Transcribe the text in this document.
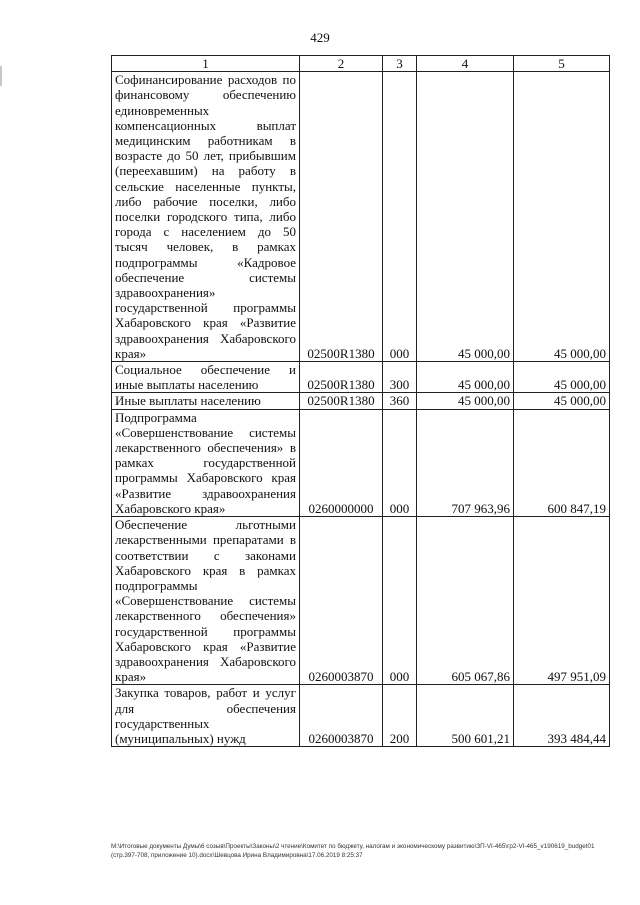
429
1	2	3	4	5
Софинансирование расходов по финансовому обеспечению единовременных компенсационных выплат медицинским работникам в возрасте до 50 лет, прибывшим (переехавшим) на работу в сельские населенные пункты, либо рабочие поселки, либо поселки городского типа, либо города с населением до 50 тысяч человек, в рамках подпрограммы «Кадровое обеспечение системы здравоохранения» государственной программы Хабаровского края «Развитие здравоохранения Хабаровского края»	02500R1380	000	45 000,00	45 000,00
Социальное обеспечение и иные выплаты населению	02500R1380	300	45 000,00	45 000,00
Иные выплаты населению	02500R1380	360	45 000,00	45 000,00
Подпрограмма «Совершенствование системы лекарственного обеспечения» в рамках государственной программы Хабаровского края «Развитие здравоохранения Хабаровского края»	0260000000	000	707 963,96	600 847,19
Обеспечение льготными лекарственными препаратами в соответствии с законами Хабаровского края в рамках подпрограммы «Совершенствование системы лекарственного обеспечения» государственной программы Хабаровского края «Развитие здравоохранения Хабаровского края»	0260003870	000	605 067,86	497 951,09
Закупка товаров, работ и услуг для обеспечения государственных (муниципальных) нужд	0260003870	200	500 601,21	393 484,44
М:\Итоговые документы Думы\6 созыв\Проекты\Законы\2 чтение\Комитет по бюджету, налогам и экономическому развитию\ЗП-VI-465\гр2-VI-465_v190619_budget01 (стр.397-708, приложение 10).docx\Шевцова Ирина Владимировна\17.06.2019 8:25:37
